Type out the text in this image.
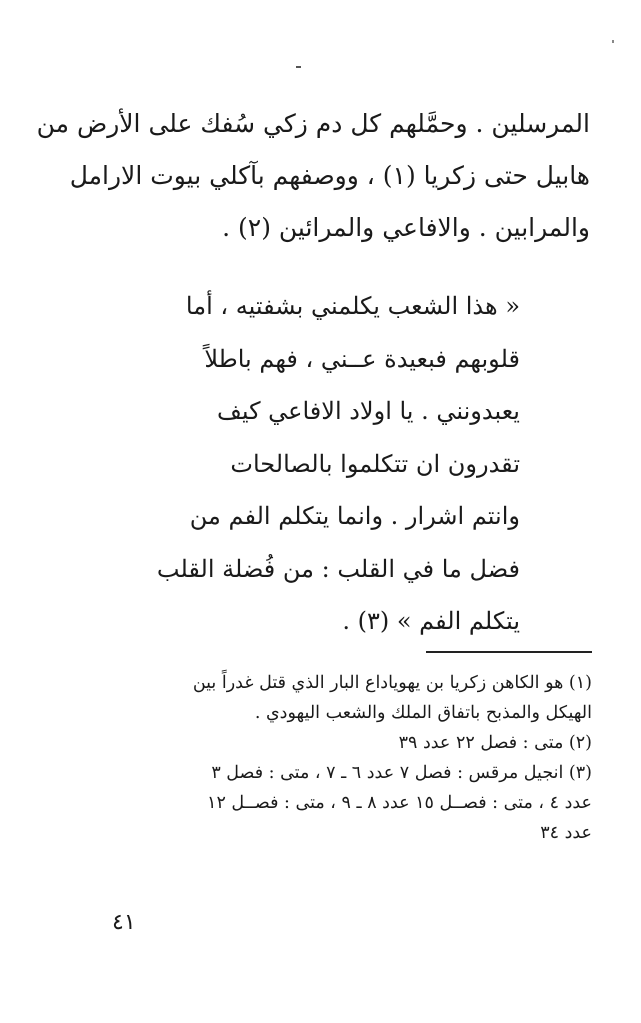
المرسلين . وحمَّلهم كل دم زكي سُفك على الأرض من
هابيل حتى زكريا (١) ، ووصفهم بآكلي بيوت الارامل
والمرابين . والافاعي والمرائين (٢) .
« هذا الشعب يكلمني بشفتيه ، أما
قلوبهم فبعيدة عــني ، فهم باطلاً
يعبدونني . يا اولاد الافاعي كيف
تقدرون ان تتكلموا بالصالحات
وانتم اشرار . وانما يتكلم الفم من
فضل ما في القلب : من فُضلة القلب
يتكلم الفم » (٣) .
(١) هو الكاهن زكريا بن يهوياداع البار الذي قتل غدراً بين
الهيكل والمذبح باتفاق الملك والشعب اليهودي .
(٢) متى : فصل ٢٢ عدد ٣٩
(٣) انجيل مرقس : فصل ٧ عدد ٦ ـ ٧ ، متى : فصل ٣
عدد ٤ ، متى : فصــل ١٥ عدد ٨ ـ ٩ ، متى : فصــل ١٢
عدد ٣٤
٤١
